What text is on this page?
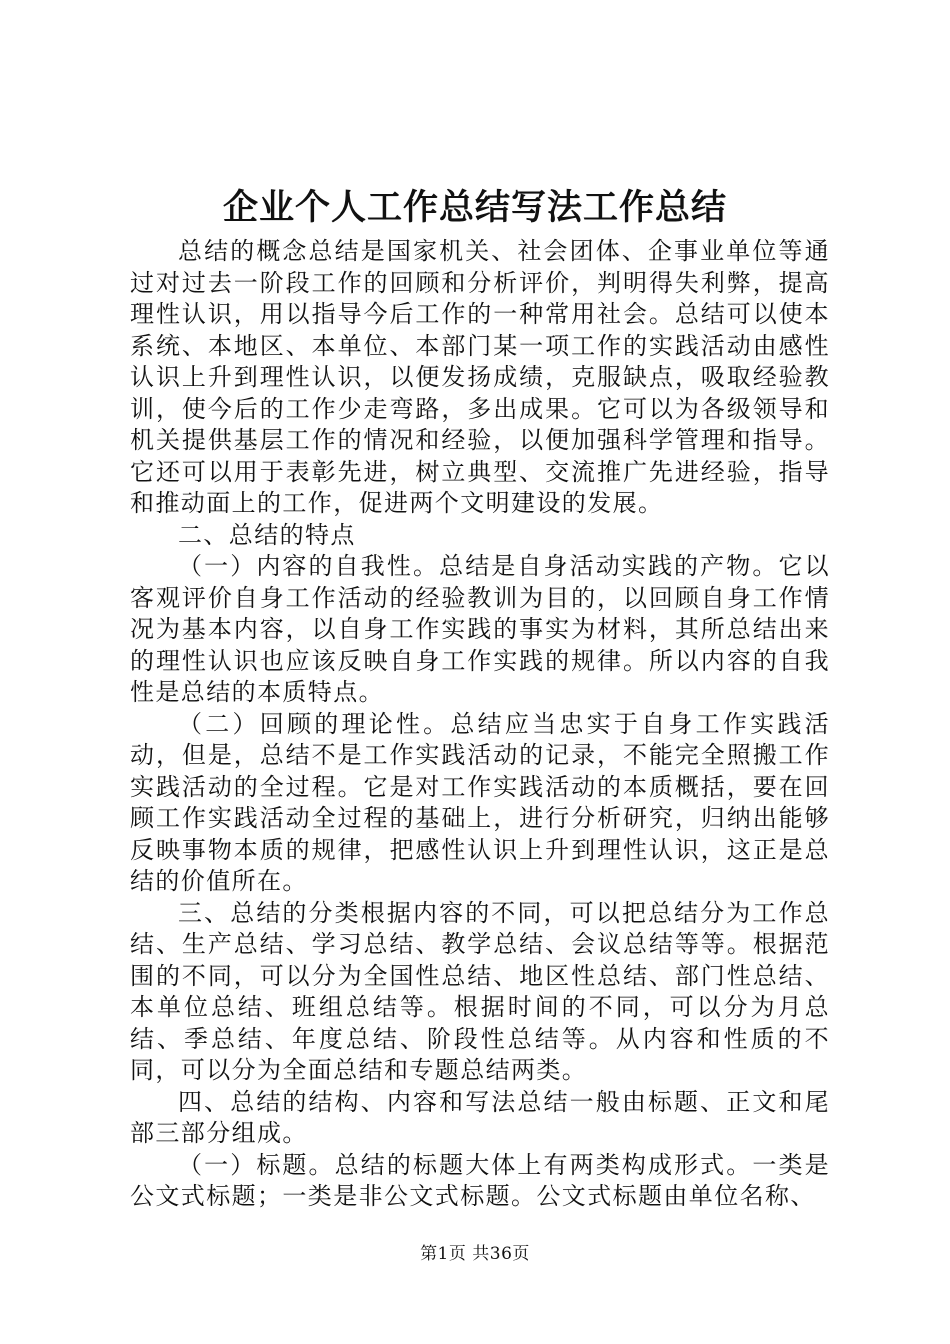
企业个人工作总结写法工作总结

总结的概念总结是国家机关、社会团体、企事业单位等通过对过去一阶段工作的回顾和分析评价，判明得失利弊，提高理性认识，用以指导今后工作的一种常用社会。总结可以使本系统、本地区、本单位、本部门某一项工作的实践活动由感性认识上升到理性认识，以便发扬成绩，克服缺点，吸取经验教训，使今后的工作少走弯路，多出成果。它可以为各级领导和机关提供基层工作的情况和经验，以便加强科学管理和指导。它还可以用于表彰先进，树立典型、交流推广先进经验，指导和推动面上的工作，促进两个文明建设的发展。

二、总结的特点

（一）内容的自我性。总结是自身活动实践的产物。它以客观评价自身工作活动的经验教训为目的，以回顾自身工作情况为基本内容，以自身工作实践的事实为材料，其所总结出来的理性认识也应该反映自身工作实践的规律。所以内容的自我性是总结的本质特点。

（二）回顾的理论性。总结应当忠实于自身工作实践活动，但是，总结不是工作实践活动的记录，不能完全照搬工作实践活动的全过程。它是对工作实践活动的本质概括，要在回顾工作实践活动全过程的基础上，进行分析研究，归纳出能够反映事物本质的规律，把感性认识上升到理性认识，这正是总结的价值所在。

三、总结的分类根据内容的不同，可以把总结分为工作总结、生产总结、学习总结、教学总结、会议总结等等。根据范围的不同，可以分为全国性总结、地区性总结、部门性总结、本单位总结、班组总结等。根据时间的不同，可以分为月总结、季总结、年度总结、阶段性总结等。从内容和性质的不同，可以分为全面总结和专题总结两类。

四、总结的结构、内容和写法总结一般由标题、正文和尾部三部分组成。

（一）标题。总结的标题大体上有两类构成形式。一类是公文式标题；一类是非公文式标题。公文式标题由单位名称、

第1页 共36页
